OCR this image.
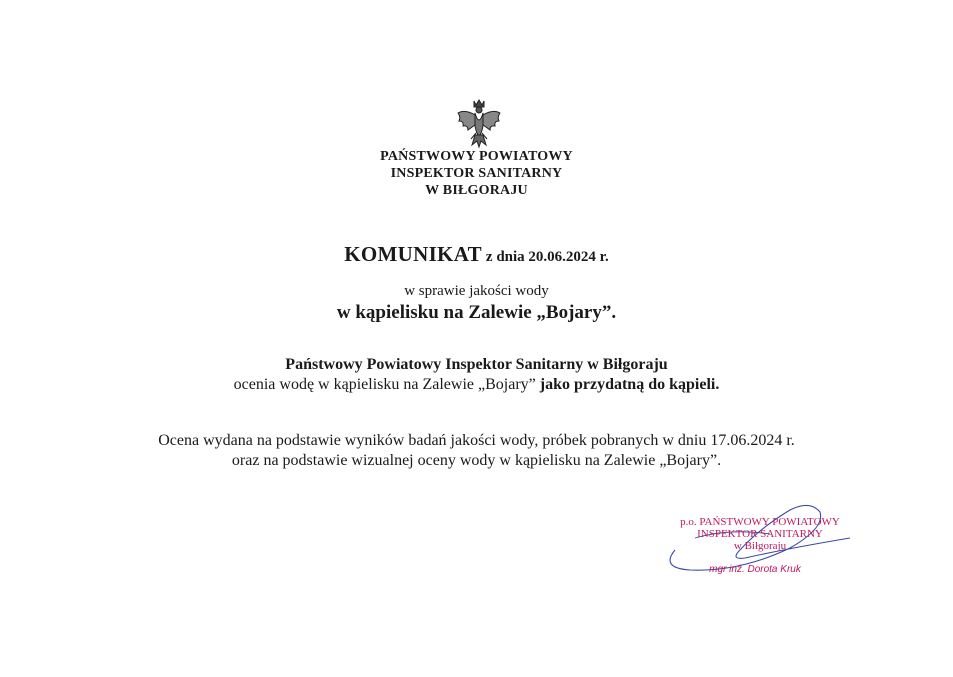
PAŃSTWOWY POWIATOWY
INSPEKTOR SANITARNY
W BIŁGORAJU
KOMUNIKAT z dnia 20.06.2024 r.
w sprawie jakości wody
w kąpielisku na Zalewie „Bojary”.
Państwowy Powiatowy Inspektor Sanitarny w Biłgoraju
ocenia wodę w kąpielisku na Zalewie „Bojary” jako przydatną do kąpieli.
Ocena wydana na podstawie wyników badań jakości wody, próbek pobranych w dniu 17.06.2024 r.
oraz na podstawie wizualnej oceny wody w kąpielisku na Zalewie „Bojary”.
p.o. PAŃSTWOWY POWIATOWY
INSPEKTOR SANITARNY
w Biłgoraju
mgr inż. Dorota Kruk
